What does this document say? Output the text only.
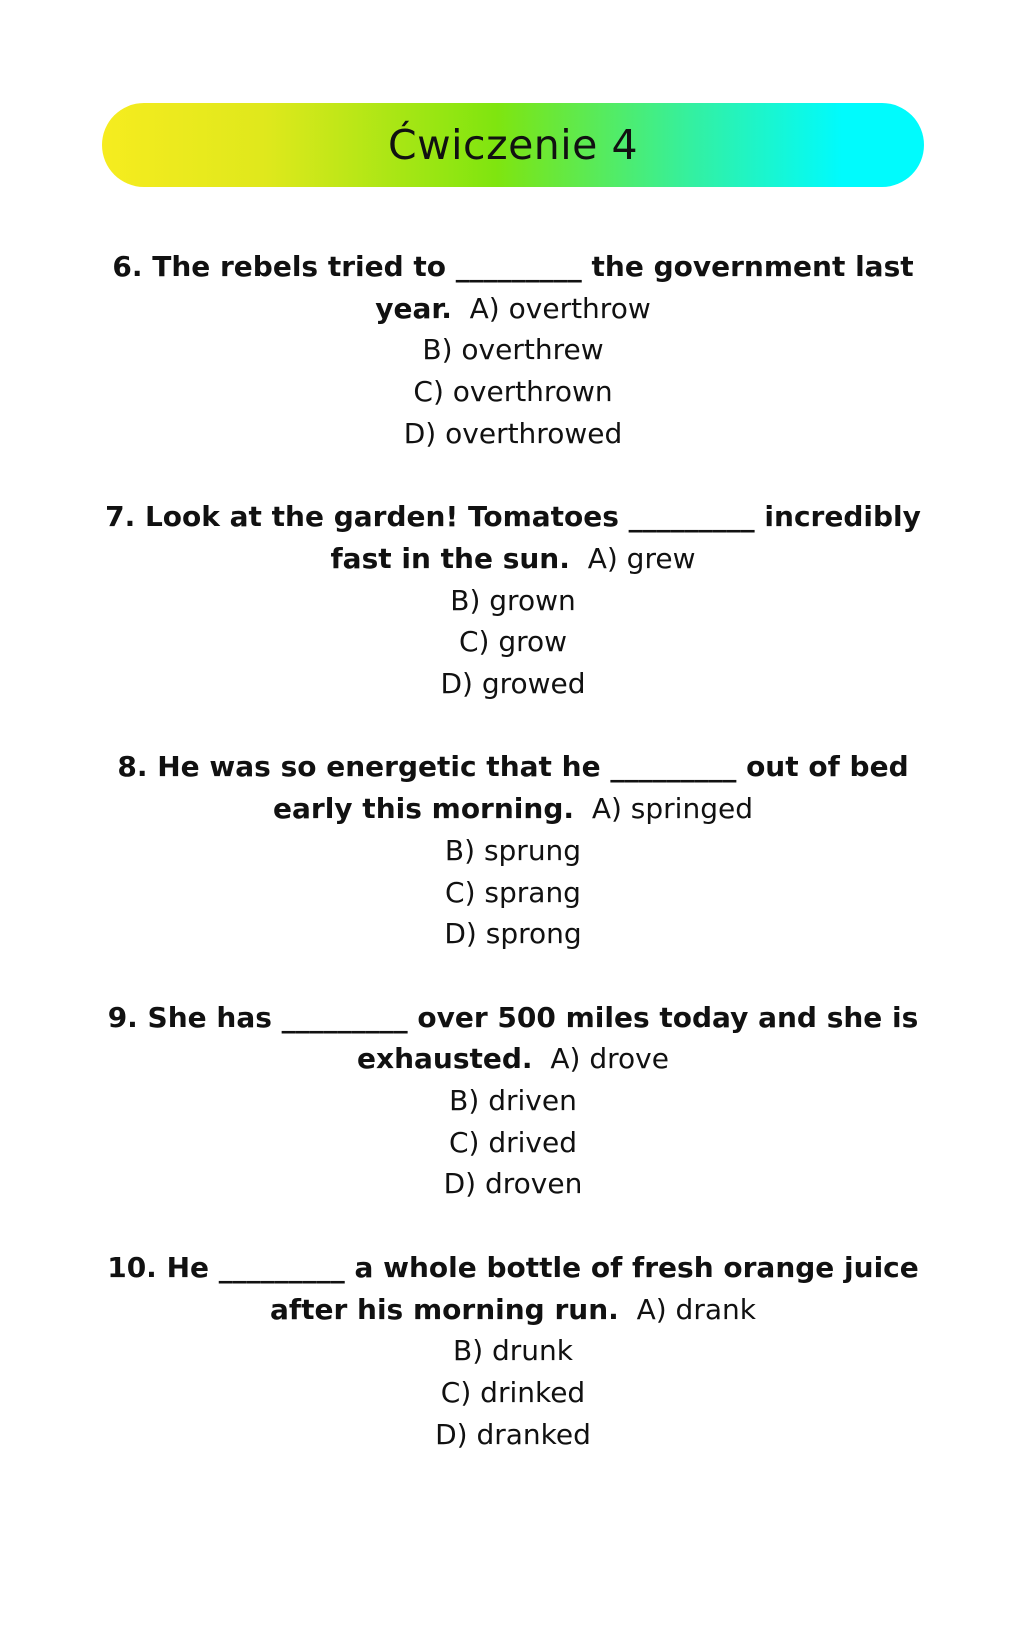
Ćwiczenie 4
6. The rebels tried to _________ the government last year. A) overthrow
B) overthrew
C) overthrown
D) overthrowed
7. Look at the garden! Tomatoes _________ incredibly fast in the sun. A) grew
B) grown
C) grow
D) growed
8. He was so energetic that he _________ out of bed early this morning. A) springed
B) sprung
C) sprang
D) sprong
9. She has _________ over 500 miles today and she is exhausted. A) drove
B) driven
C) drived
D) droven
10. He _________ a whole bottle of fresh orange juice after his morning run. A) drank
B) drunk
C) drinked
D) dranked
